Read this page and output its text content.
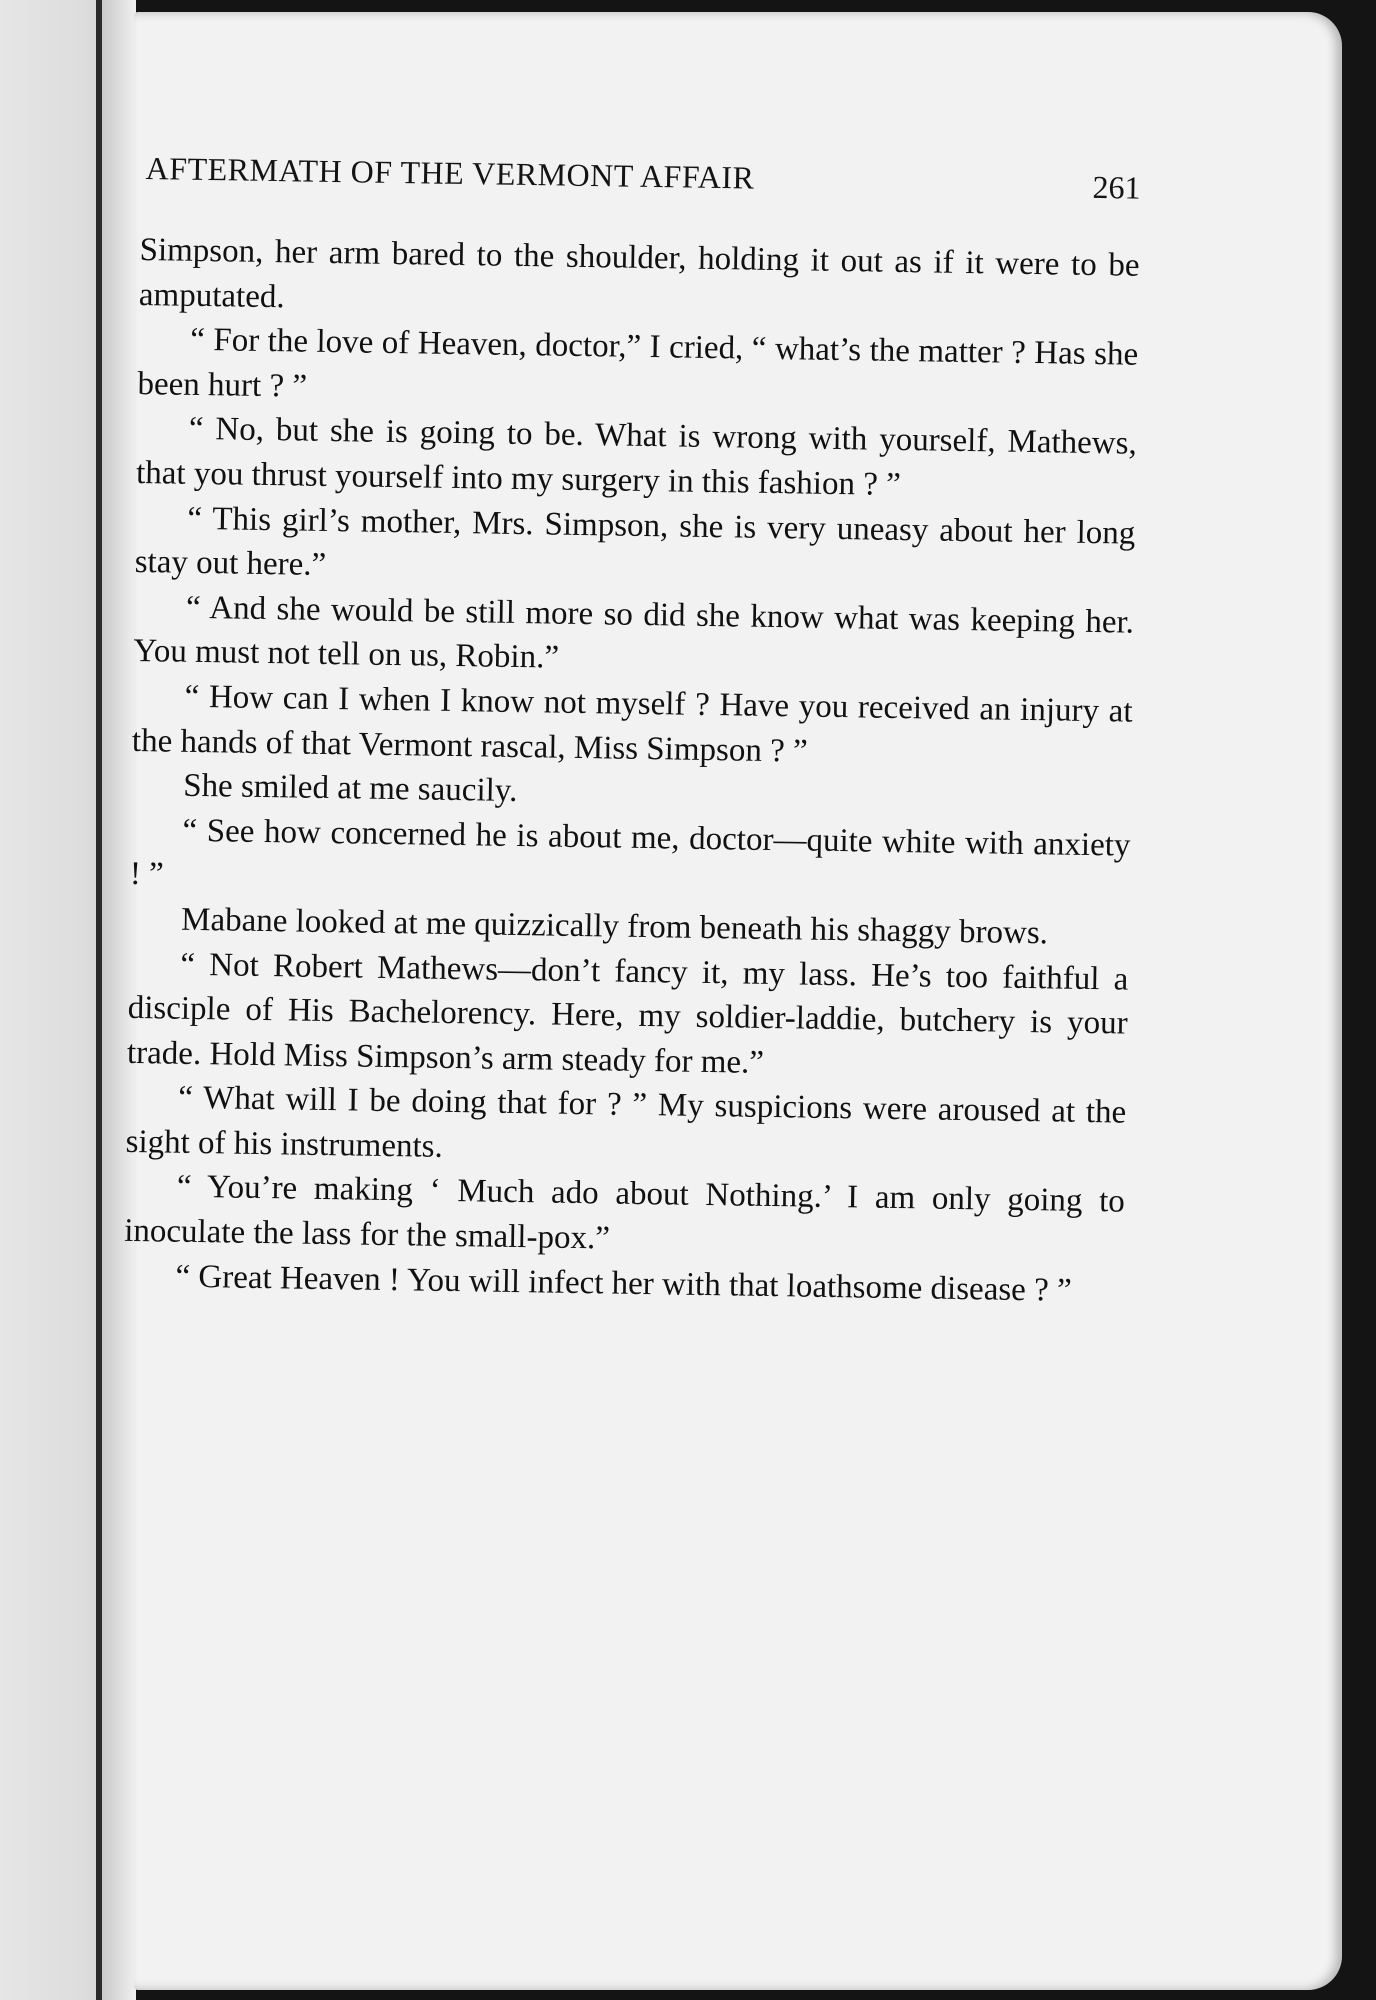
AFTERMATH OF THE VERMONT AFFAIR	261

Simpson, her arm bared to the shoulder, holding it out as if it were to be amputated.

“ For the love of Heaven, doctor,” I cried, “ what’s the matter ? Has she been hurt ? ”

“ No, but she is going to be. What is wrong with yourself, Mathews, that you thrust yourself into my surgery in this fashion ? ”

“ This girl’s mother, Mrs. Simpson, she is very uneasy about her long stay out here.”

“ And she would be still more so did she know what was keeping her. You must not tell on us, Robin.”

“ How can I when I know not myself ? Have you received an injury at the hands of that Vermont rascal, Miss Simpson ? ”

She smiled at me saucily.

“ See how concerned he is about me, doctor—quite white with anxiety ! ”

Mabane looked at me quizzically from beneath his shaggy brows.

“ Not Robert Mathews—don’t fancy it, my lass. He’s too faithful a disciple of His Bachelorency. Here, my soldier-laddie, butchery is your trade. Hold Miss Simpson’s arm steady for me.”

“ What will I be doing that for ? ” My suspicions were aroused at the sight of his instruments.

“ You’re making ‘ Much ado about Nothing.’ I am only going to inoculate the lass for the small-pox.”

“ Great Heaven ! You will infect her with that loathsome disease ? ”
